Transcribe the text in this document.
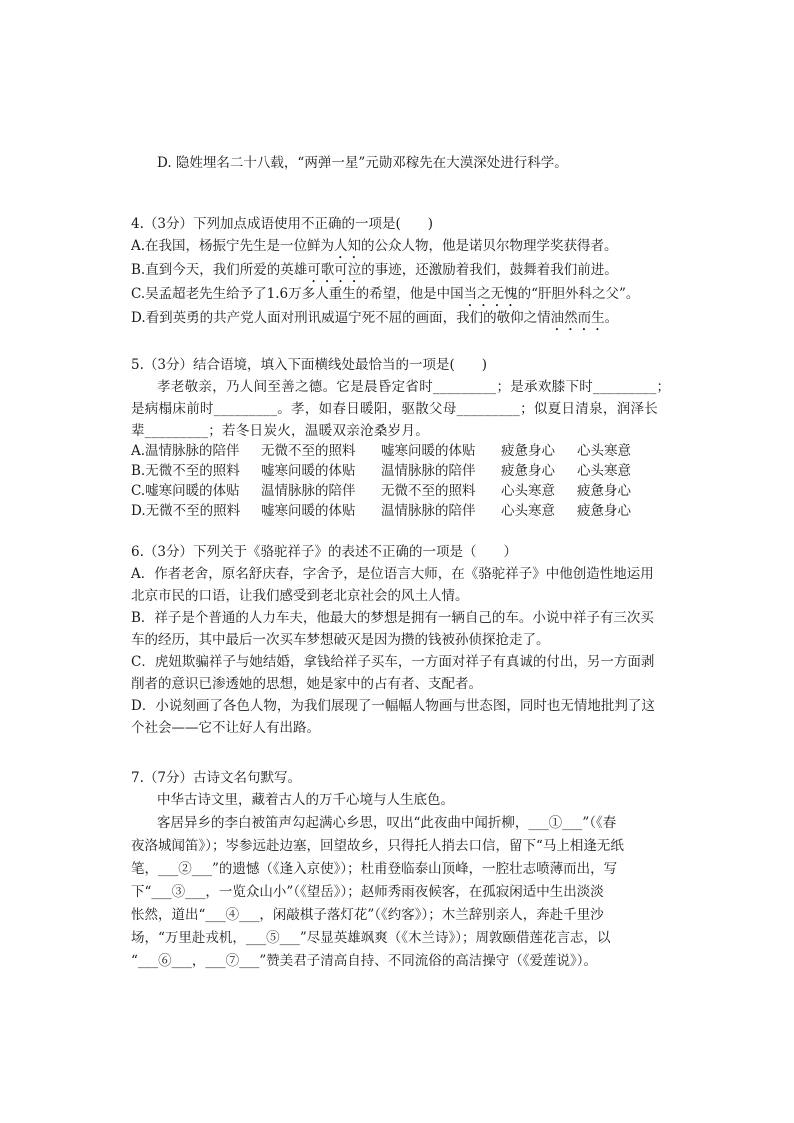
D. 隐姓埋名二十八载，“两弹一星”元勋邓稼先在大漠深处进行科学。
4.（3分）下列加点成语使用不正确的一项是(　　)
A.在我国，杨振宁先生是一位鲜为人知的公众人物，他是诺贝尔物理学奖获得者。
B.直到今天，我们所爱的英雄可歌可泣的事迹，还激励着我们，鼓舞着我们前进。
C.吴孟超老先生给予了1.6万多人重生的希望，他是中国当之无愧的“肝胆外科之父”。
D.看到英勇的共产党人面对刑讯威逼宁死不屈的画面，我们的敬仰之情油然而生。
5.（3分）结合语境，填入下面横线处最恰当的一项是(　　)
孝老敬亲，乃人间至善之德。它是晨昏定省时_________；是承欢膝下时_________；
是病榻床前时_________。孝，如春日暖阳，驱散父母_________；似夏日清泉，润泽长
辈_________；若冬日炭火，温暖双亲沧桑岁月。
A.温情脉脉的陪伴 无微不至的照料 嘘寒问暖的体贴 疲惫身心 心头寒意
B.无微不至的照料 嘘寒问暖的体贴 温情脉脉的陪伴 疲惫身心 心头寒意
C.嘘寒问暖的体贴 温情脉脉的陪伴 无微不至的照料 心头寒意 疲惫身心
D.无微不至的照料 嘘寒问暖的体贴 温情脉脉的陪伴 心头寒意 疲惫身心
6.（3分）下列关于《骆驼祥子》的表述不正确的一项是（　　）
A．作者老舍，原名舒庆春，字舍予，是位语言大师，在《骆驼祥子》中他创造性地运用
北京市民的口语，让我们感受到老北京社会的风土人情。
B．祥子是个普通的人力车夫，他最大的梦想是拥有一辆自己的车。小说中祥子有三次买
车的经历，其中最后一次买车梦想破灭是因为攒的钱被孙侦探抢走了。
C．虎妞欺骗祥子与她结婚，拿钱给祥子买车，一方面对祥子有真诚的付出，另一方面剥
削者的意识已渗透她的思想，她是家中的占有者、支配者。
D．小说刻画了各色人物，为我们展现了一幅幅人物画与世态图，同时也无情地批判了这
个社会——它不让好人有出路。
7.（7分）古诗文名句默写。
中华古诗文里，藏着古人的万千心境与人生底色。
客居异乡的李白被笛声勾起满心乡思，叹出“此夜曲中闻折柳，___①___”（《春
夜洛城闻笛》）；岑参远赴边塞，回望故乡，只得托人捎去口信，留下“马上相逢无纸
笔，___②___”的遗憾（《逢入京使》）；杜甫登临泰山顶峰，一腔壮志喷薄而出，写
下“___③___，一览众山小”（《望岳》）；赵师秀雨夜候客，在孤寂闲适中生出淡淡
怅然，道出“___④___，闲敲棋子落灯花”（《约客》）；木兰辞别亲人，奔赴千里沙
场，“万里赴戎机，___⑤___”尽显英雄飒爽（《木兰诗》）；周敦颐借莲花言志，以
“___⑥___，___⑦___”赞美君子清高自持、不同流俗的高洁操守（《爱莲说》）。
